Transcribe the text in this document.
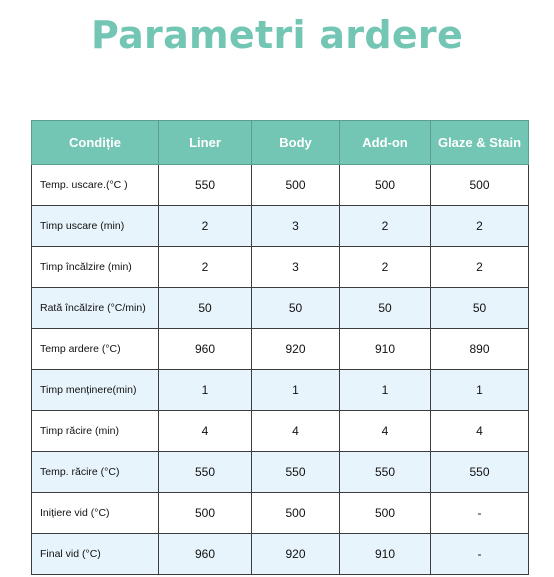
Parametri ardere
Condiție	Liner	Body	Add-on	Glaze & Stain
Temp. uscare.(°C )	550	500	500	500
Timp uscare (min)	2	3	2	2
Timp încălzire (min)	2	3	2	2
Rată încălzire (°C/min)	50	50	50	50
Temp ardere (°C)	960	920	910	890
Timp menținere(min)	1	1	1	1
Timp răcire (min)	4	4	4	4
Temp. răcire (°C)	550	550	550	550
Inițiere vid (°C)	500	500	500	-
Final vid (°C)	960	920	910	-
